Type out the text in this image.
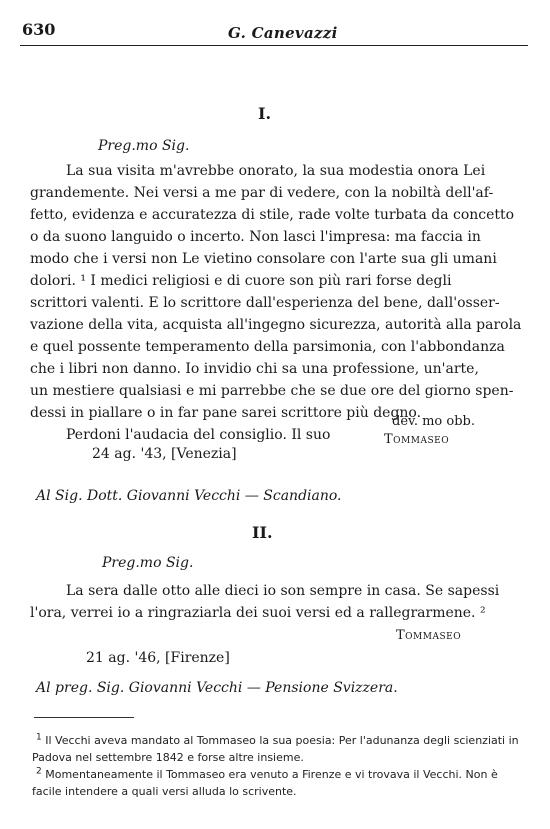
630	G. Canevazzi
I.
Preg.mo Sig.
La sua visita m'avrebbe onorato, la sua modestia onora Lei
grandemente. Nei versi a me par di vedere, con la nobiltà dell'af-
fetto, evidenza e accuratezza di stile, rade volte turbata da concetto
o da suono languido o incerto. Non lasci l'impresa: ma faccia in
modo che i versi non Le vietino consolare con l'arte sua gli umani
dolori. ¹ I medici religiosi e di cuore son più rari forse degli
scrittori valenti. E lo scrittore dall'esperienza del bene, dall'osser-
vazione della vita, acquista all'ingegno sicurezza, autorità alla parola
e quel possente temperamento della parsimonia, con l'abbondanza
che i libri non danno. Io invidio chi sa una professione, un'arte,
un mestiere qualsiasi e mi parrebbe che se due ore del giorno spen-
dessi in piallare o in far pane sarei scrittore più degno.
Perdoni l'audacia del consiglio. Il suo
dev. mo obb.
Tommaseo
24 ag. '43, [Venezia]
Al Sig. Dott. Giovanni Vecchi — Scandiano.
II.
Preg.mo Sig.
La sera dalle otto alle dieci io son sempre in casa. Se sapessi
l'ora, verrei io a ringraziarla dei suoi versi ed a rallegrarmene. ²
Tommaseo
21 ag. '46, [Firenze]
Al preg. Sig. Giovanni Vecchi — Pensione Svizzera.
$^1$ Il Vecchi aveva mandato al Tommaseo la sua poesia: Per l'adunanza degli scienziati in Padova nel settembre 1842 e forse altre insieme.
$^2$ Momentaneamente il Tommaseo era venuto a Firenze e vi trovava il Vecchi. Non è facile intendere a quali versi alluda lo scrivente.
